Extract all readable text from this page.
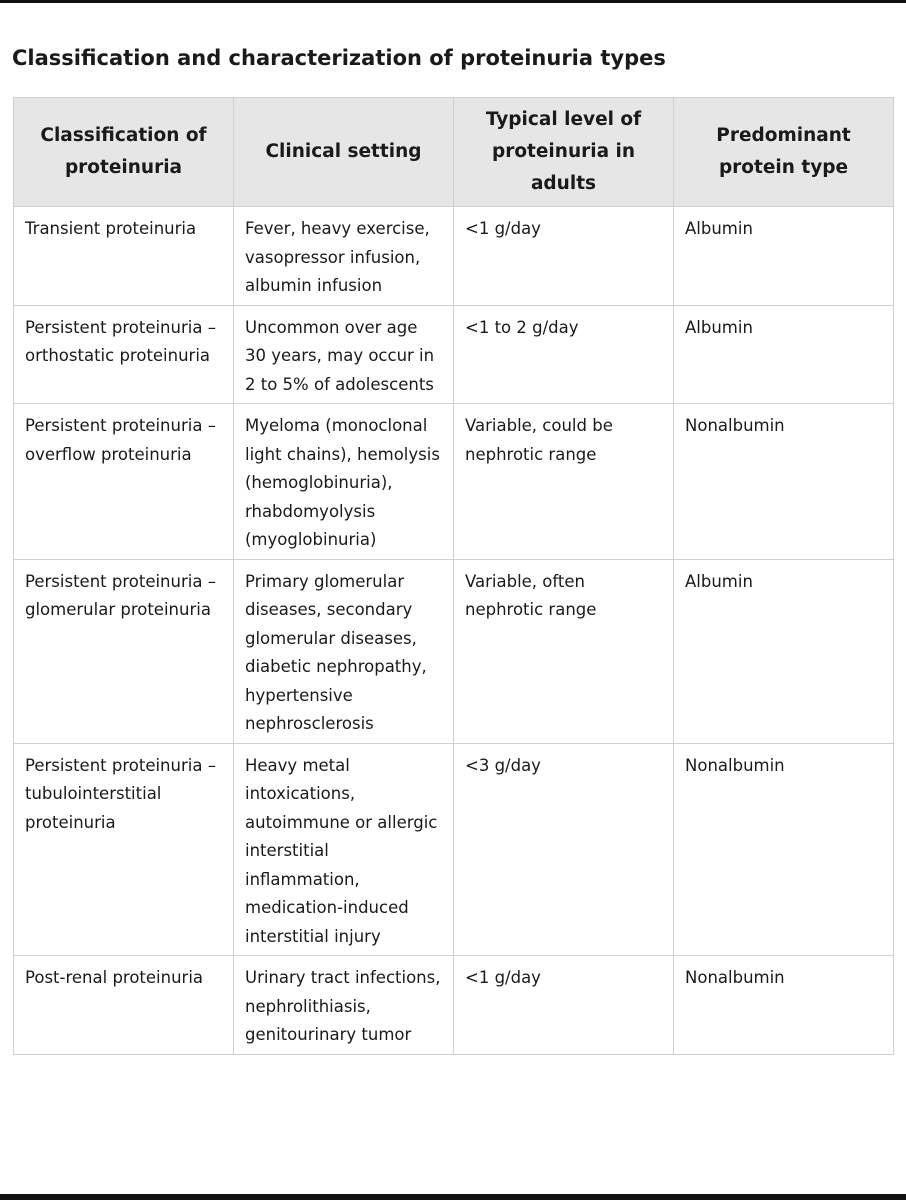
Classification and characterization of proteinuria types
Classification of proteinuria	Clinical setting	Typical level of proteinuria in adults	Predominant protein type
Transient proteinuria	Fever, heavy exercise, vasopressor infusion, albumin infusion	<1 g/day	Albumin
Persistent proteinuria – orthostatic proteinuria	Uncommon over age 30 years, may occur in 2 to 5% of adolescents	<1 to 2 g/day	Albumin
Persistent proteinuria – overflow proteinuria	Myeloma (monoclonal light chains), hemolysis (hemoglobinuria), rhabdomyolysis (myoglobinuria)	Variable, could be nephrotic range	Nonalbumin
Persistent proteinuria – glomerular proteinuria	Primary glomerular diseases, secondary glomerular diseases, diabetic nephropathy, hypertensive nephrosclerosis	Variable, often nephrotic range	Albumin
Persistent proteinuria – tubulointerstitial proteinuria	Heavy metal intoxications, autoimmune or allergic interstitial inflammation, medication-induced interstitial injury	<3 g/day	Nonalbumin
Post-renal proteinuria	Urinary tract infections, nephrolithiasis, genitourinary tumor	<1 g/day	Nonalbumin
